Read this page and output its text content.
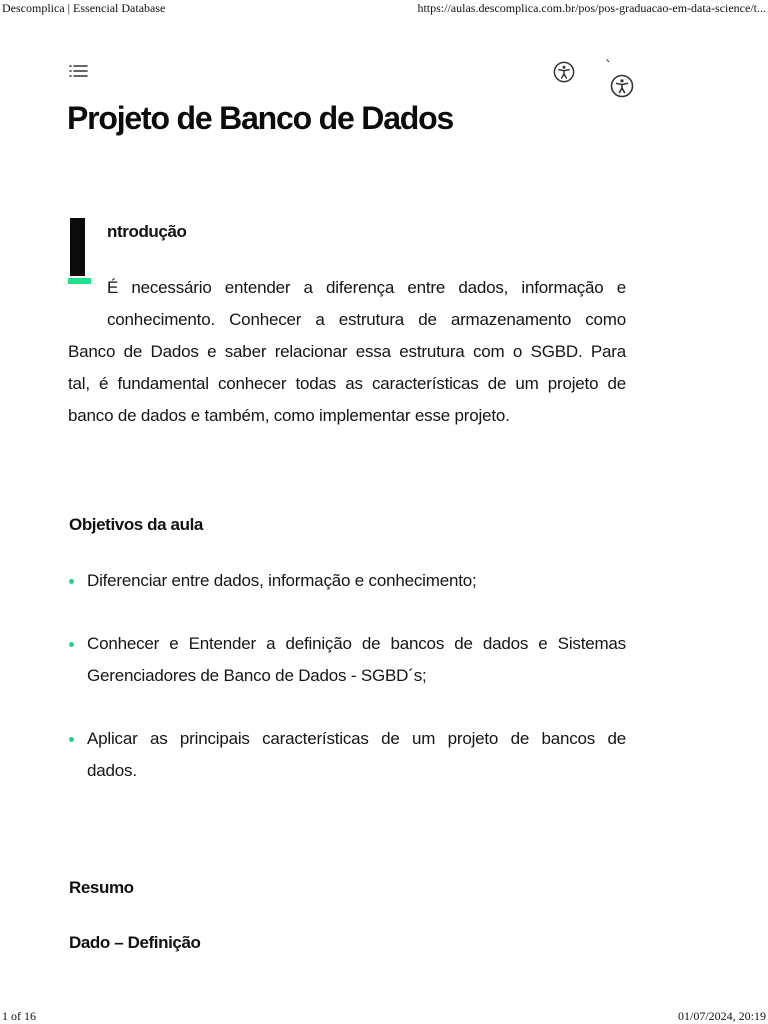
Descomplica | Essencial Database	https://aulas.descomplica.com.br/pos/pos-graduacao-em-data-science/t...
`
Projeto de Banco de Dados
ntrodução

É necessário entender a diferença entre dados, informação e
conhecimento. Conhecer a estrutura de armazenamento como
Banco de Dados e saber relacionar essa estrutura com o SGBD. Para
tal, é fundamental conhecer todas as características de um projeto de
banco de dados e também, como implementar esse projeto.

Objetivos da aula
Diferenciar entre dados, informação e conhecimento;
Conhecer e Entender a definição de bancos de dados e Sistemas
Gerenciadores de Banco de Dados - SGBD´s;
Aplicar as principais características de um projeto de bancos de
dados.
Resumo
Dado – Definição
1 of 16	01/07/2024, 20:19
